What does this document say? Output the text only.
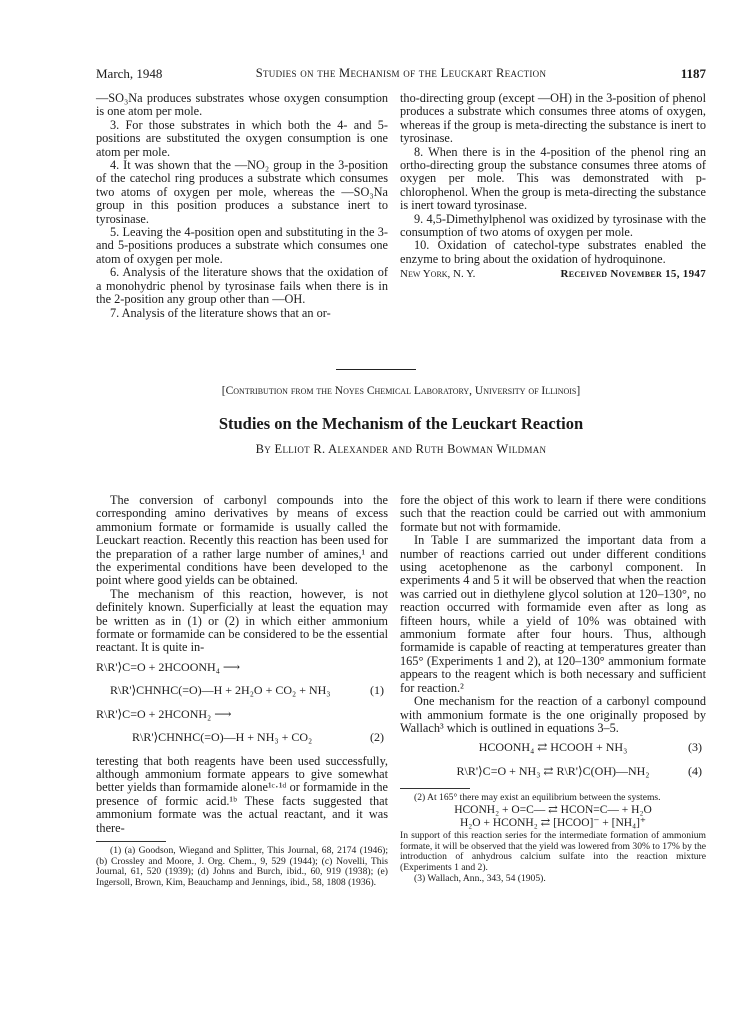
March, 1948	Studies on the Mechanism of the Leuckart Reaction	1187

—SO₃Na produces substrates whose oxygen consumption is one atom per mole.

3. For those substrates in which both the 4- and 5- positions are substituted the oxygen consumption is one atom per mole.

4. It was shown that the —NO₂ group in the 3-position of the catechol ring produces a substrate which consumes two atoms of oxygen per mole, whereas the —SO₃Na group in this position produces a substance inert to tyrosinase.

5. Leaving the 4-position open and substituting in the 3- and 5-positions produces a substrate which consumes one atom of oxygen per mole.

6. Analysis of the literature shows that the oxidation of a monohydric phenol by tyrosinase fails when there is in the 2-position any group other than —OH.

7. Analysis of the literature shows that an or-

tho-directing group (except —OH) in the 3-position of phenol produces a substrate which consumes three atoms of oxygen, whereas if the group is meta-directing the substance is inert to tyrosinase.

8. When there is in the 4-position of the phenol ring an ortho-directing group the substance consumes three atoms of oxygen per mole. This was demonstrated with p-chlorophenol. When the group is meta-directing the substance is inert toward tyrosinase.

9. 4,5-Dimethylphenol was oxidized by tyrosinase with the consumption of two atoms of oxygen per mole.

10. Oxidation of catechol-type substrates enabled the enzyme to bring about the oxidation of hydroquinone.

New York, N. Y.	Received November 15, 1947
[Contribution from the Noyes Chemical Laboratory, University of Illinois]
Studies on the Mechanism of the Leuckart Reaction
By Elliot R. Alexander and Ruth Bowman Wildman

The conversion of carbonyl compounds into the corresponding amino derivatives by means of excess ammonium formate or formamide is usually called the Leuckart reaction. Recently this reaction has been used for the preparation of a rather large number of amines,¹ and the experimental conditions have been developed to the point where good yields can be obtained.

The mechanism of this reaction, however, is not definitely known. Superficially at least the equation may be written as in (1) or (2) in which either ammonium formate or formamide can be considered to be the essential reactant. It is quite in-

R\R'⟩C=O + 2HCOONH₄ ⟶
R\R'⟩CHNHC(=O)—H + 2H₂O + CO₂ + NH₃	(1)
R\R'⟩C=O + 2HCONH₂ ⟶
R\R'⟩CHNHC(=O)—H + NH₃ + CO₂	(2)

teresting that both reagents have been used successfully, although ammonium formate appears to give somewhat better yields than formamide alone¹ᶜ·¹ᵈ or formamide in the presence of formic acid.¹ᵇ These facts suggested that ammonium formate was the actual reactant, and it was there-

(1) (a) Goodson, Wiegand and Splitter, This Journal, 68, 2174 (1946); (b) Crossley and Moore, J. Org. Chem., 9, 529 (1944); (c) Novelli, This Journal, 61, 520 (1939); (d) Johns and Burch, ibid., 60, 919 (1938); (e) Ingersoll, Brown, Kim, Beauchamp and Jennings, ibid., 58, 1808 (1936).

fore the object of this work to learn if there were conditions such that the reaction could be carried out with ammonium formate but not with formamide.

In Table I are summarized the important data from a number of reactions carried out under different conditions using acetophenone as the carbonyl component. In experiments 4 and 5 it will be observed that when the reaction was carried out in diethylene glycol solution at 120–130°, no reaction occurred with formamide even after as long as fifteen hours, while a yield of 10% was obtained with ammonium formate after four hours. Thus, although formamide is capable of reacting at temperatures greater than 165° (Experiments 1 and 2), at 120–130° ammonium formate appears to the reagent which is both necessary and sufficient for reaction.²

One mechanism for the reaction of a carbonyl compound with ammonium formate is the one originally proposed by Wallach³ which is outlined in equations 3–5.

HCOONH₄ ⇄ HCOOH + NH₃	(3)
R\R'⟩C=O + NH₃ ⇄ R\R'⟩C(OH)—NH₂	(4)

(2) At 165° there may exist an equilibrium between the systems.

HCONH₂ + O=C— ⇄ HCON=C— + H₂O

H₂O + HCONH₂ ⇄ [HCOO]⁻ + [NH₄]⁺

In support of this reaction series for the intermediate formation of ammonium formate, it will be observed that the yield was lowered from 30% to 17% by the introduction of anhydrous calcium sulfate into the reaction mixture (Experiments 1 and 2).

(3) Wallach, Ann., 343, 54 (1905).
